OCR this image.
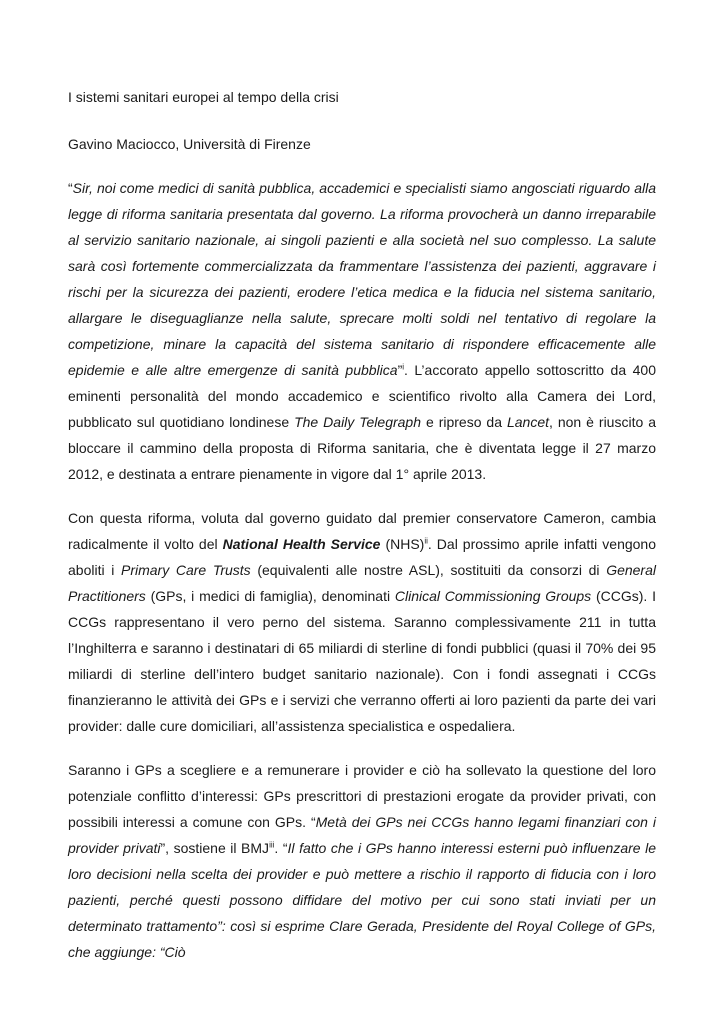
I sistemi sanitari europei al tempo della crisi

Gavino Maciocco, Università di Firenze

“Sir, noi come medici di sanità pubblica, accademici e specialisti siamo angosciati riguardo alla legge di riforma sanitaria presentata dal governo. La riforma provocherà un danno irreparabile al servizio sanitario nazionale, ai singoli pazienti e alla società nel suo complesso. La salute sarà così fortemente commercializzata da frammentare l’assistenza dei pazienti, aggravare i rischi per la sicurezza dei pazienti, erodere l’etica medica e la fiducia nel sistema sanitario, allargare le diseguaglianze nella salute, sprecare molti soldi nel tentativo di regolare la competizione, minare la capacità del sistema sanitario di rispondere efficacemente alle epidemie e alle altre emergenze di sanità pubblica”$^i$. L’accorato appello sottoscritto da 400 eminenti personalità del mondo accademico e scientifico rivolto alla Camera dei Lord, pubblicato sul quotidiano londinese The Daily Telegraph e ripreso da Lancet, non è riuscito a bloccare il cammino della proposta di Riforma sanitaria, che è diventata legge il 27 marzo 2012, e destinata a entrare pienamente in vigore dal 1° aprile 2013.

Con questa riforma, voluta dal governo guidato dal premier conservatore Cameron, cambia radicalmente il volto del National Health Service (NHS)$^{ii}$. Dal prossimo aprile infatti vengono aboliti i Primary Care Trusts (equivalenti alle nostre ASL), sostituiti da consorzi di General Practitioners (GPs, i medici di famiglia), denominati Clinical Commissioning Groups (CCGs). I CCGs rappresentano il vero perno del sistema. Saranno complessivamente 211 in tutta l’Inghilterra e saranno i destinatari di 65 miliardi di sterline di fondi pubblici (quasi il 70% dei 95 miliardi di sterline dell’intero budget sanitario nazionale). Con i fondi assegnati i CCGs finanzieranno le attività dei GPs e i servizi che verranno offerti ai loro pazienti da parte dei vari provider: dalle cure domiciliari, all’assistenza specialistica e ospedaliera.

Saranno i GPs a scegliere e a remunerare i provider e ciò ha sollevato la questione del loro potenziale conflitto d’interessi: GPs prescrittori di prestazioni erogate da provider privati, con possibili interessi a comune con GPs. “Metà dei GPs nei CCGs hanno legami finanziari con i provider privati”, sostiene il BMJ$^{iii}$. “Il fatto che i GPs hanno interessi esterni può influenzare le loro decisioni nella scelta dei provider e può mettere a rischio il rapporto di fiducia con i loro pazienti, perché questi possono diffidare del motivo per cui sono stati inviati per un determinato trattamento”: così si esprime Clare Gerada, Presidente del Royal College of GPs, che aggiunge: “Ciò
